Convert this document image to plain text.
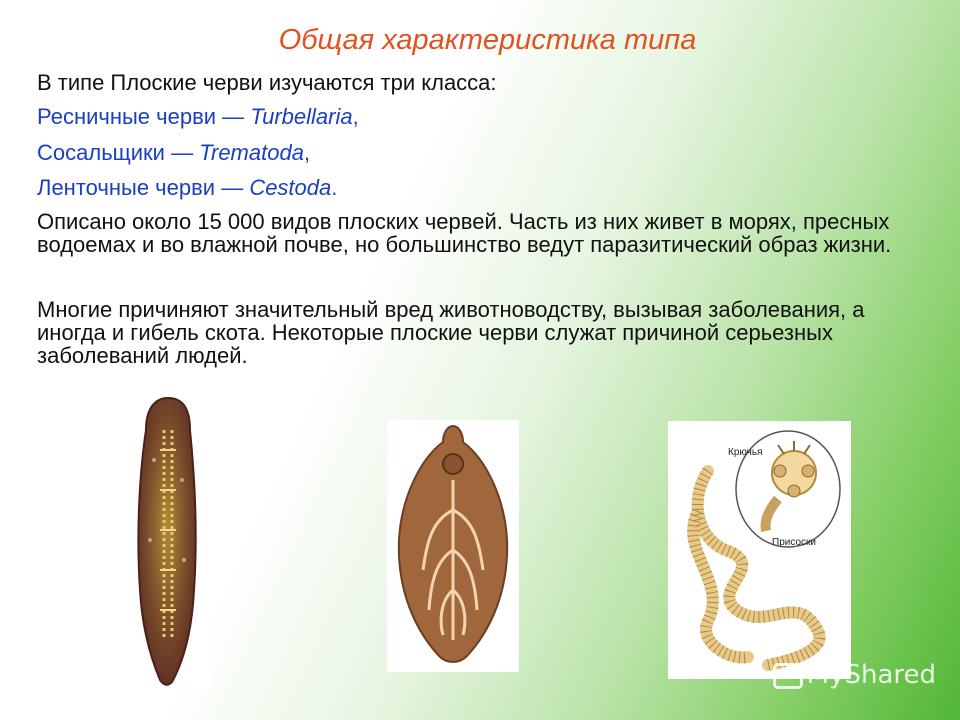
Общая характеристика типа
В типе Плоские черви изучаются три класса:
Ресничные черви — Turbellaria,
Сосальщики — Trematoda,
Ленточные черви — Cestoda.
Описано около 15 000 видов плоских червей. Часть из них живет в морях, пресных водоемах и во влажной почве, но большинство ведут паразитический образ жизни.
Многие причиняют значительный вред животноводству, вызывая заболевания, а иногда и гибель скота. Некоторые плоские черви служат причиной серьезных заболеваний людей.
Крючья
Присоски
MyShared
